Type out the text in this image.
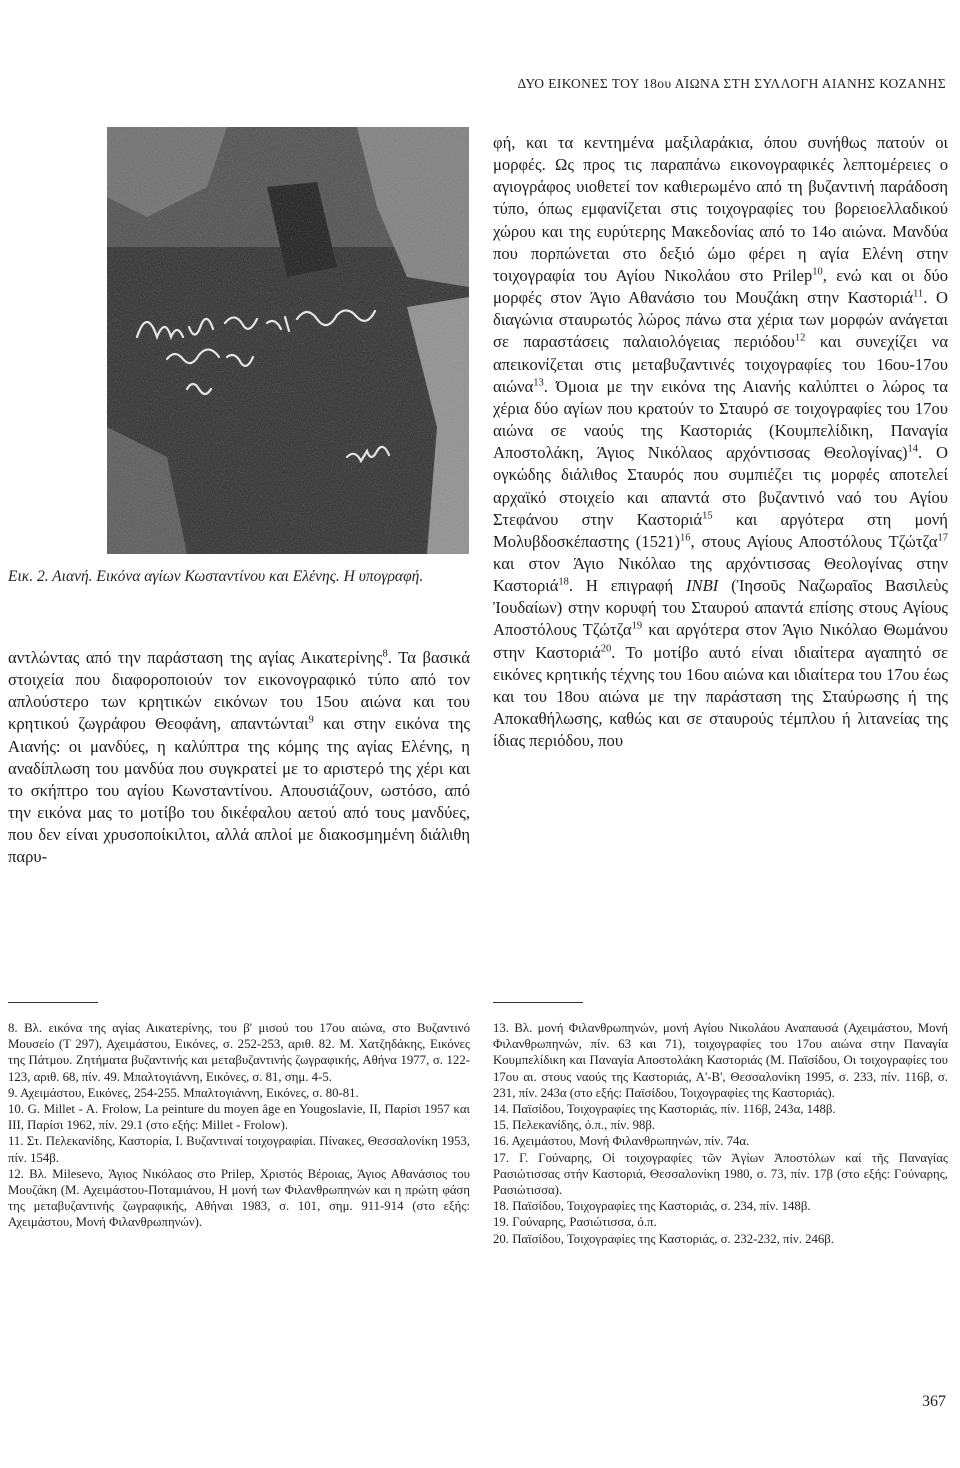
ΔΥΟ ΕΙΚΟΝΕΣ ΤΟΥ 18ου ΑΙΩΝΑ ΣΤΗ ΣΥΛΛΟΓΗ ΑΙΑΝΗΣ ΚΟΖΑΝΗΣ

Εικ. 2. Αιανή. Εικόνα αγίων Κωσταντίνου και Ελένης. Η υπογραφή.

αντλώντας από την παράσταση της αγίας Αικατερίνης$^8$. Τα βασικά στοιχεία που διαφοροποιούν τον εικονογραφικό τύπο από τον απλούστερο των κρητικών εικόνων του 15ου αιώνα και του κρητικού ζωγράφου Θεοφάνη, απαντώνται$^9$ και στην εικόνα της Αιανής: οι μανδύες, η καλύπτρα της κόμης της αγίας Ελένης, η αναδίπλωση του μανδύα που συγκρατεί με το αριστερό της χέρι και το σκήπτρο του αγίου Κωνσταντίνου. Απουσιάζουν, ωστόσο, από την εικόνα μας το μοτίβο του δικέφαλου αετού από τους μανδύες, που δεν είναι χρυσοποίκιλτοι, αλλά απλοί με διακοσμημένη διάλιθη παρυ-

φή, και τα κεντημένα μαξιλαράκια, όπου συνήθως πατούν οι μορφές. Ως προς τις παραπάνω εικονογραφικές λεπτομέρειες ο αγιογράφος υιοθετεί τον καθιερωμένο από τη βυζαντινή παράδοση τύπο, όπως εμφανίζεται στις τοιχογραφίες του βορειοελλαδικού χώρου και της ευρύτερης Μακεδονίας από το 14ο αιώνα. Μανδύα που πορπώνεται στο δεξιό ώμο φέρει η αγία Ελένη στην τοιχογραφία του Αγίου Νικολάου στο Prilep$^{10}$, ενώ και οι δύο μορφές στον Άγιο Αθανάσιο του Μουζάκη στην Καστοριά$^{11}$. Ο διαγώνια σταυρωτός λώρος πάνω στα χέρια των μορφών ανάγεται σε παραστάσεις παλαιολόγειας περιόδου$^{12}$ και συνεχίζει να απεικονίζεται στις μεταβυζαντινές τοιχογραφίες του 16ου-17ου αιώνα$^{13}$. Όμοια με την εικόνα της Αιανής καλύπτει ο λώρος τα χέρια δύο αγίων που κρατούν το Σταυρό σε τοιχογραφίες του 17ου αιώνα σε ναούς της Καστοριάς (Κουμπελίδικη, Παναγία Αποστολάκη, Άγιος Νικόλαος αρχόντισσας Θεολογίνας)$^{14}$. Ο ογκώδης διάλιθος Σταυρός που συμπιέζει τις μορφές αποτελεί αρχαϊκό στοιχείο και απαντά στο βυζαντινό ναό του Αγίου Στεφάνου στην Καστοριά$^{15}$ και αργότερα στη μονή Μολυβδοσκέπαστης (1521)$^{16}$, στους Αγίους Αποστόλους Τζώτζα$^{17}$ και στον Άγιο Νικόλαο της αρχόντισσας Θεολογίνας στην Καστοριά$^{18}$. Η επιγραφή INBI (Ἰησοῦς Ναζωραῖος Βασιλεὺς Ἰουδαίων) στην κορυφή του Σταυρού απαντά επίσης στους Αγίους Αποστόλους Τζώτζα$^{19}$ και αργότερα στον Άγιο Νικόλαο Θωμάνου στην Καστοριά$^{20}$. Το μοτίβο αυτό είναι ιδιαίτερα αγαπητό σε εικόνες κρητικής τέχνης του 16ου αιώνα και ιδιαίτερα του 17ου έως και του 18ου αιώνα με την παράσταση της Σταύρωσης ή της Αποκαθήλωσης, καθώς και σε σταυρούς τέμπλου ή λιτανείας της ίδιας περιόδου, που

8. Βλ. εικόνα της αγίας Αικατερίνης, του β' μισού του 17ου αιώνα, στο Βυζαντινό Μουσείο (Τ 297), Αχειμάστου, Εικόνες, σ. 252-253, αριθ. 82. Μ. Χατζηδάκης, Εικόνες της Πάτμου. Ζητήματα βυζαντινής και μεταβυζαντινής ζωγραφικής, Αθήνα 1977, σ. 122-123, αριθ. 68, πίν. 49. Μπαλτογιάννη, Εικόνες, σ. 81, σημ. 4-5.
9. Αχειμάστου, Εικόνες, 254-255. Μπαλτογιάννη, Εικόνες, σ. 80-81.
10. G. Millet - A. Frolow, La peinture du moyen âge en Yougoslavie, II, Παρίσι 1957 και III, Παρίσι 1962, πίν. 29.1 (στο εξής: Millet - Frolow).
11. Στ. Πελεκανίδης, Καστορία, Ι. Βυζαντιναί τοιχογραφίαι. Πίνακες, Θεσσαλονίκη 1953, πίν. 154β.
12. Βλ. Milesevo, Άγιος Νικόλαος στο Prilep, Χριστός Βέροιας, Άγιος Αθανάσιος του Μουζάκη (Μ. Αχειμάστου-Ποταμιάνου, Η μονή των Φιλανθρωπηνών και η πρώτη φάση της μεταβυζαντινής ζωγραφικής, Αθήναι 1983, σ. 101, σημ. 911-914 (στο εξής: Αχειμάστου, Μονή Φιλανθρωπηνών).
13. Βλ. μονή Φιλανθρωπηνών, μονή Αγίου Νικολάου Αναπαυσά (Αχειμάστου, Μονή Φιλανθρωπηνών, πίν. 63 και 71), τοιχογραφίες του 17ου αιώνα στην Παναγία Κουμπελίδικη και Παναγία Αποστολάκη Καστοριάς (Μ. Παϊσίδου, Οι τοιχογραφίες του 17ου αι. στους ναούς της Καστοριάς, Α'-Β', Θεσσαλονίκη 1995, σ. 233, πίν. 116β, σ. 231, πίν. 243α (στο εξής: Παϊσίδου, Τοιχογραφίες της Καστοριάς).
14. Παϊσίδου, Τοιχογραφίες της Καστοριάς, πίν. 116β, 243α, 148β.
15. Πελεκανίδης, ό.π., πίν. 98β.
16. Αχειμάστου, Μονή Φιλανθρωπηνών, πίν. 74α.
17. Γ. Γούναρης, Οἱ τοιχογραφίες τῶν Ἁγίων Ἀποστόλων καί τῆς Παναγίας Ρασιώτισσας στήν Καστοριά, Θεσσαλονίκη 1980, σ. 73, πίν. 17β (στο εξής: Γούναρης, Ρασιώτισσα).
18. Παϊσίδου, Τοιχογραφίες της Καστοριάς, σ. 234, πίν. 148β.
19. Γούναρης, Ρασιώτισσα, ό.π.
20. Παϊσίδου, Τοιχογραφίες της Καστοριάς, σ. 232-232, πίν. 246β.
367
